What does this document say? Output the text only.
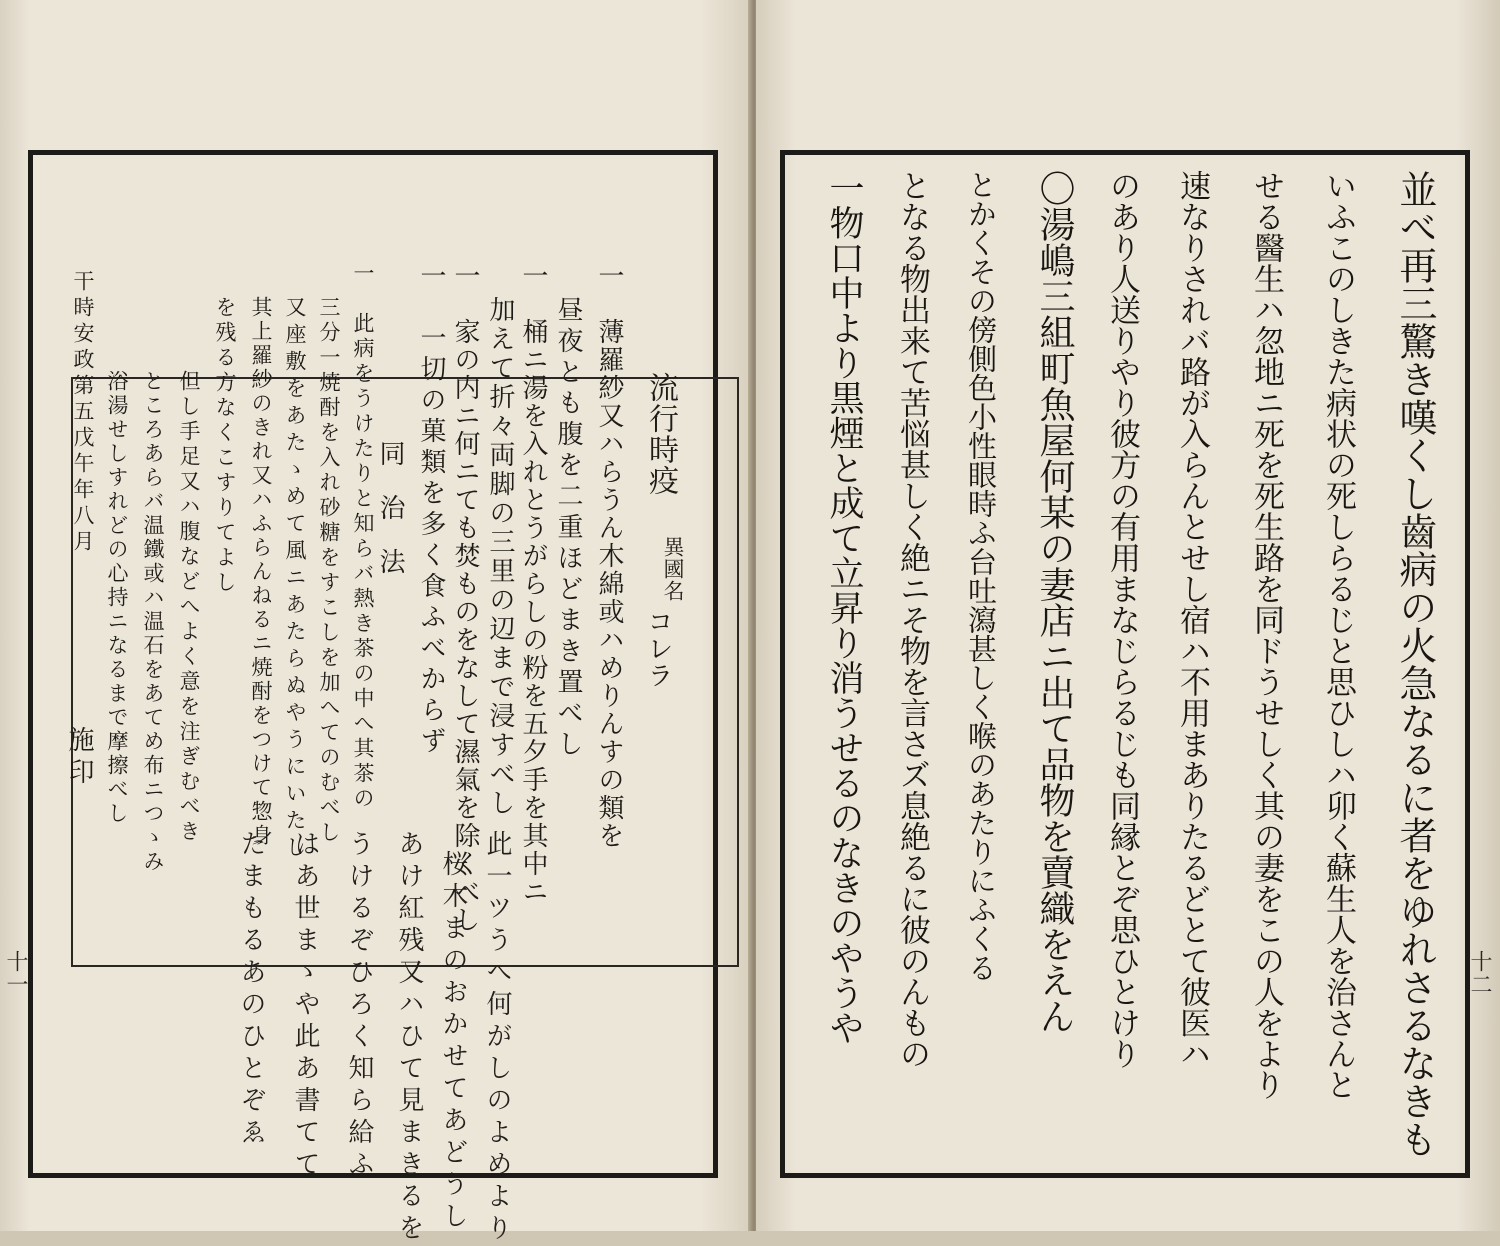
流行時疫
異國名
コレラ
一　薄羅紗又ハらうん木綿或ハめりんすの類を
昼夜とも腹を二重ほどまき置べし
一　桶ニ湯を入れとうがらしの粉を五夕手を其中ニ
加えて折々両脚の三里の辺まで浸すべし
一　家の内ニ何ニても焚ものをなして濕氣を除くべし
一　一切の菓類を多く食ふべからず
同　治　法
一　此病をうけたりと知らバ熱き茶の中へ其茶の
三分一焼酎を入れ砂糖をすこしを加へてのむべし
又座敷をあたゝめて風ニあたらぬやうにいたし
其上羅紗のきれ又ハふらんねるニ焼酎をつけて惣身
を残る方なくこすりてよし
但し手足又ハ腹などへよく意を注ぎむべき
ところあらバ温鐵或ハ温石をあてめ布ニつゝみ
浴湯せしすれどの心持ニなるまで摩擦べし
干時安政第五戊午年八月
施印
此一ツうへ何がしのよめより
桜木まのおかせてあどうし
あけ紅残又ハひて見まきるを
うけるぞひろく知ら給ふ
はあ世まゝや此あ書てて
たまもるあのひとぞゑ
十一	並べ再三驚き嘆くし齒病の火急なるに者をゆれさるなきも
いふこのしきた病状の死しらるじと思ひしハ卯く蘇生人を治さんと
せる醫生ハ忽地ニ死を死生路を同ドうせしく其の妻をこの人をより
速なりされバ路が入らんとせし宿ハ不用まありたるどとて彼医ハ
のあり人送りやり彼方の有用まなじらるじも同縁とぞ思ひとけり
〇湯嶋三組町魚屋何某の妻店ニ出て品物を賣織をえん
とかくその傍側色小性眼時ふ台吐瀉甚しく喉のあたりにふくる
となる物出来て苦悩甚しく絶ニそ物を言さズ息絶るに彼のんもの
一物口中より黒煙と成て立昇り消うせるのなきのやうや	十二
